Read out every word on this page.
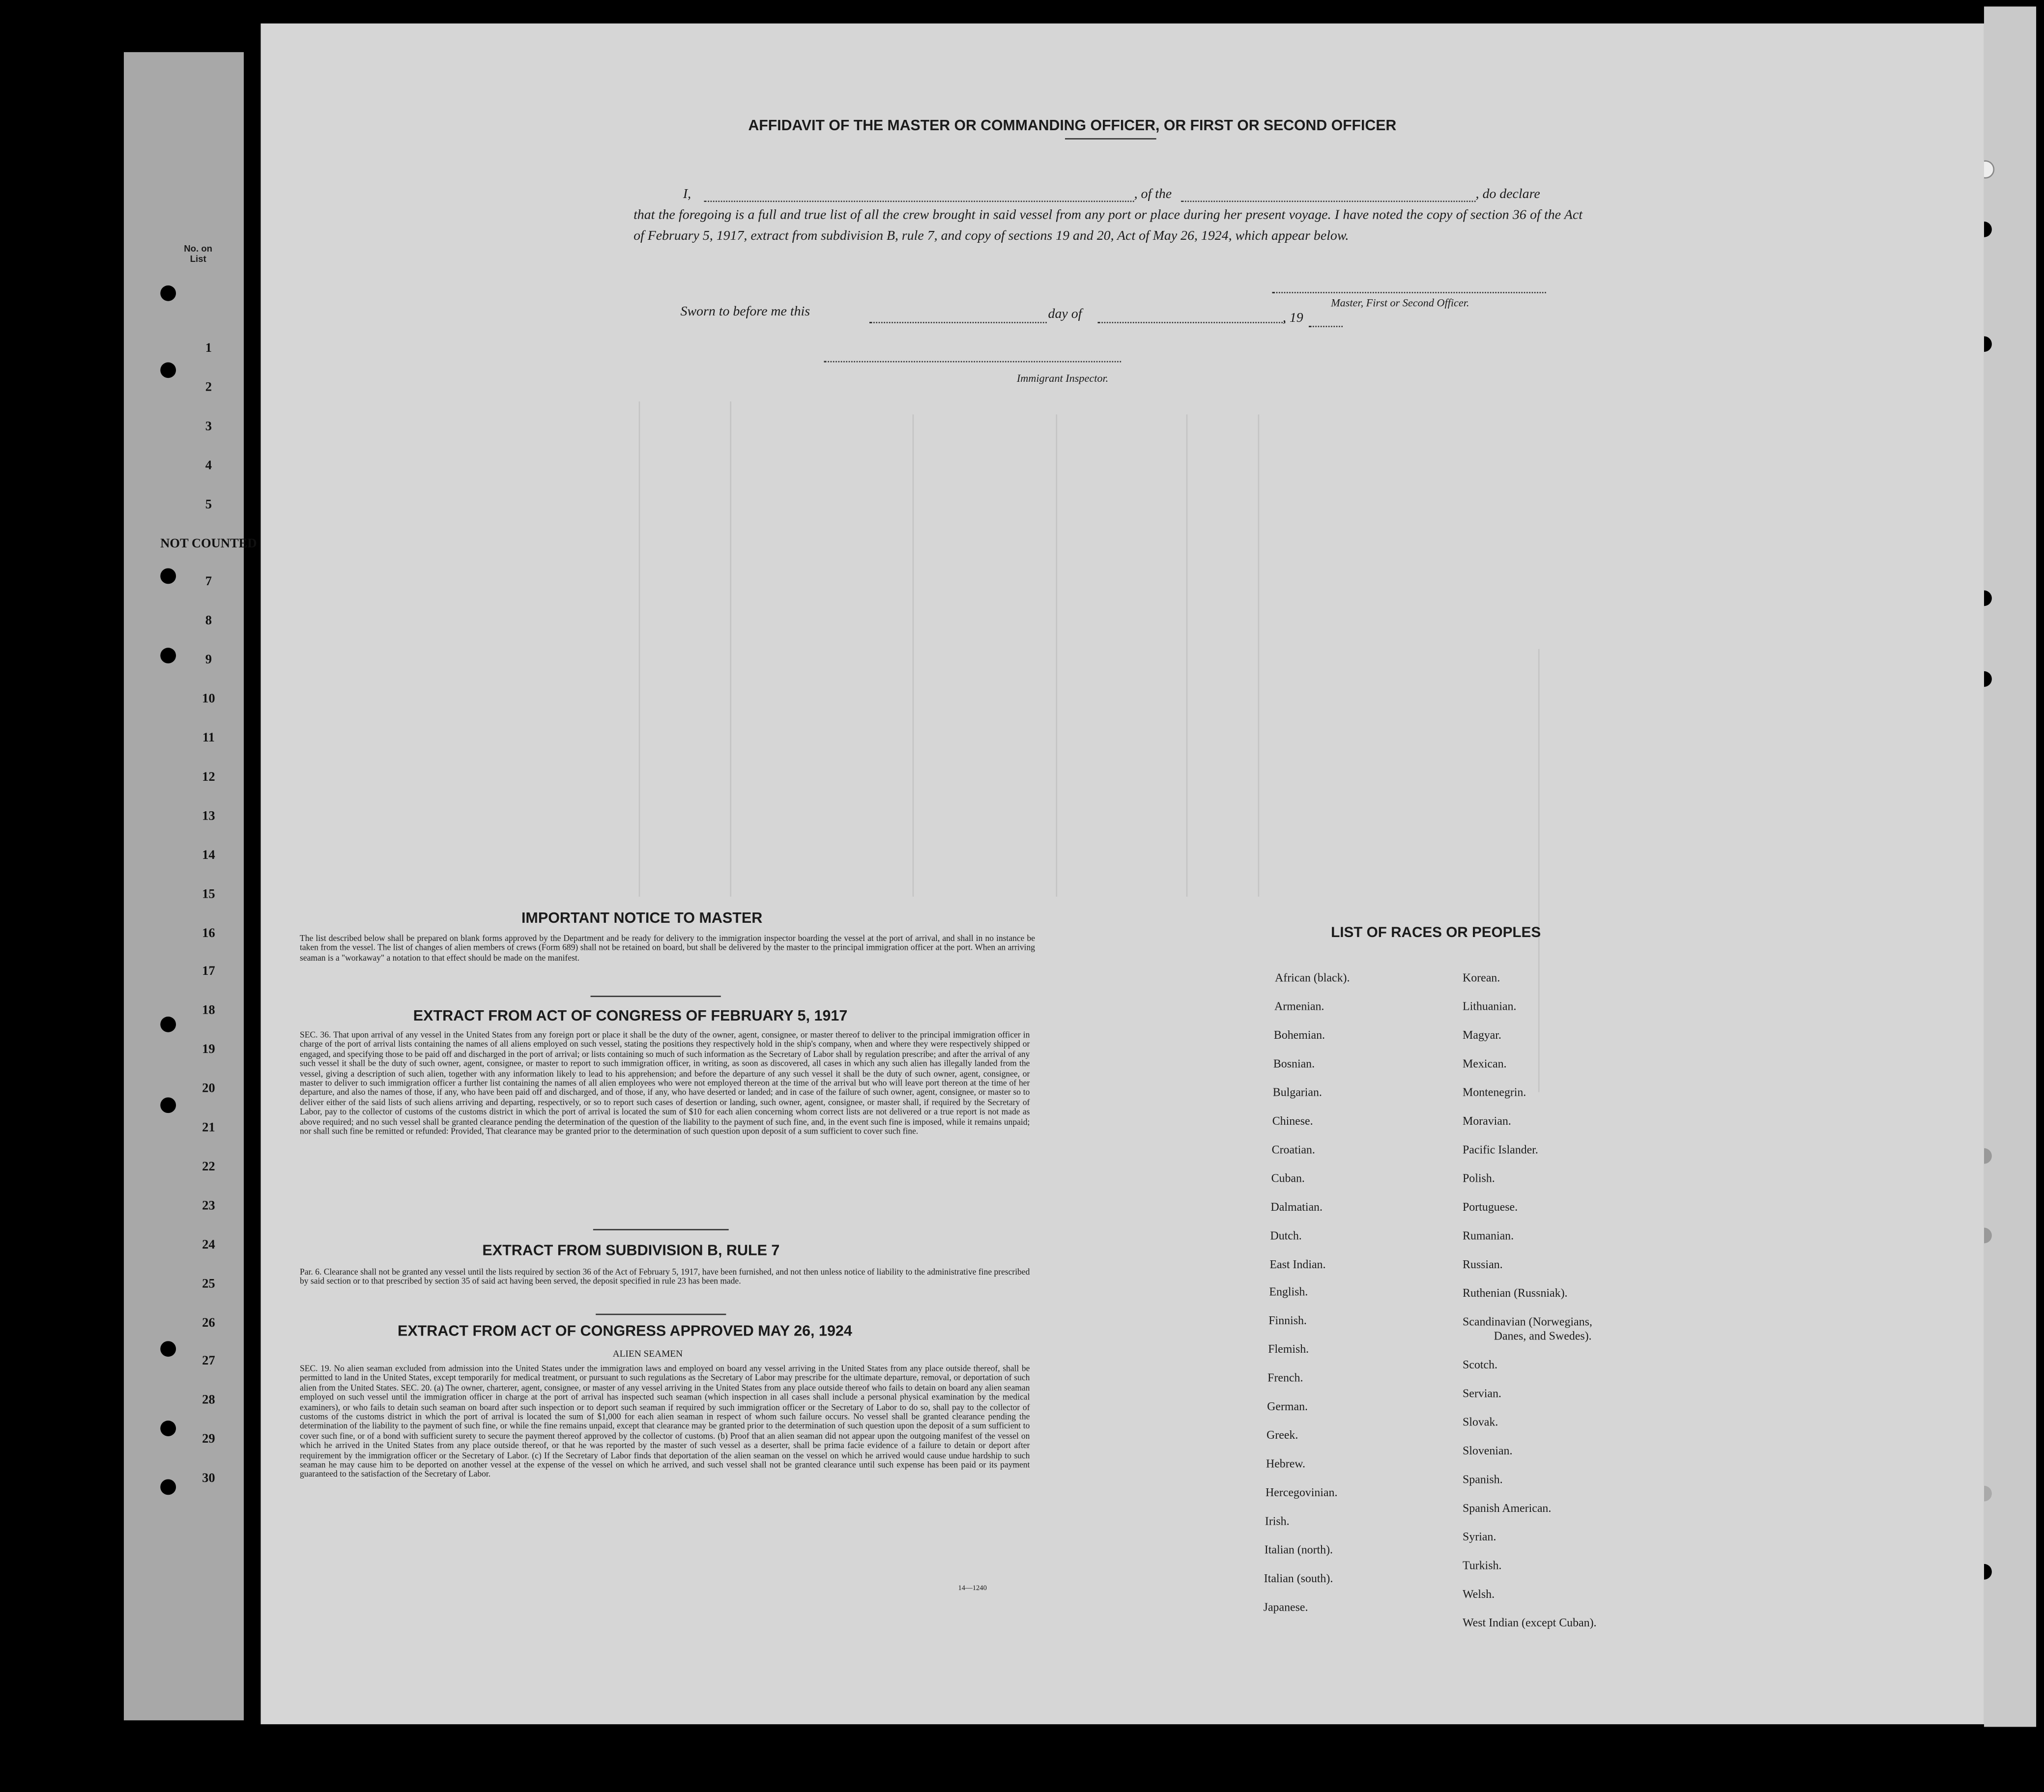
No. on List
1
2
3
4
5
NOT COUNTED
7
8
9
10
11
12
13
14
15
16
17
18
19
20
21
22
23
24
25
26
27
28
29
30
AFFIDAVIT OF THE MASTER OR COMMANDING OFFICER, OR FIRST OR SECOND OFFICER
I,	, of the	, do declare
that the foregoing is a full and true list of all the crew brought in said vessel from any port or place during her present voyage. I have noted the copy of section 36 of the Act of February 5, 1917, extract from subdivision B, rule 7, and copy of sections 19 and 20, Act of May 26, 1924, which appear below.
Master, First or Second Officer.
Sworn to before me this	day of	, 19
Immigrant Inspector.
IMPORTANT NOTICE TO MASTER
The list described below shall be prepared on blank forms approved by the Department and be ready for delivery to the immigration inspector boarding the vessel at the port of arrival, and shall in no instance be taken from the vessel. The list of changes of alien members of crews (Form 689) shall not be retained on board, but shall be delivered by the master to the principal immigration officer at the port. When an arriving seaman is a "workaway" a notation to that effect should be made on the manifest.
EXTRACT FROM ACT OF CONGRESS OF FEBRUARY 5, 1917
SEC. 36. That upon arrival of any vessel in the United States from any foreign port or place it shall be the duty of the owner, agent, consignee, or master thereof to deliver to the principal immigration officer in charge of the port of arrival lists containing the names of all aliens employed on such vessel, stating the positions they respectively hold in the ship's company, when and where they were respectively shipped or engaged, and specifying those to be paid off and discharged in the port of arrival; or lists containing so much of such information as the Secretary of Labor shall by regulation prescribe; and after the arrival of any such vessel it shall be the duty of such owner, agent, consignee, or master to report to such immigration officer, in writing, as soon as discovered, all cases in which any such alien has illegally landed from the vessel, giving a description of such alien, together with any information likely to lead to his apprehension; and before the departure of any such vessel it shall be the duty of such owner, agent, consignee, or master to deliver to such immigration officer a further list containing the names of all alien employees who were not employed thereon at the time of the arrival but who will leave port thereon at the time of her departure, and also the names of those, if any, who have been paid off and discharged, and of those, if any, who have deserted or landed; and in case of the failure of such owner, agent, consignee, or master so to deliver either of the said lists of such aliens arriving and departing, respectively, or so to report such cases of desertion or landing, such owner, agent, consignee, or master shall, if required by the Secretary of Labor, pay to the collector of customs of the customs district in which the port of arrival is located the sum of $10 for each alien concerning whom correct lists are not delivered or a true report is not made as above required; and no such vessel shall be granted clearance pending the determination of the question of the liability to the payment of such fine, and, in the event such fine is imposed, while it remains unpaid; nor shall such fine be remitted or refunded: Provided, That clearance may be granted prior to the determination of such question upon deposit of a sum sufficient to cover such fine.
EXTRACT FROM SUBDIVISION B, RULE 7
Par. 6. Clearance shall not be granted any vessel until the lists required by section 36 of the Act of February 5, 1917, have been furnished, and not then unless notice of liability to the administrative fine prescribed by said section or to that prescribed by section 35 of said act having been served, the deposit specified in rule 23 has been made.
EXTRACT FROM ACT OF CONGRESS APPROVED MAY 26, 1924
ALIEN SEAMEN
SEC. 19. No alien seaman excluded from admission into the United States under the immigration laws and employed on board any vessel arriving in the United States from any place outside thereof, shall be permitted to land in the United States, except temporarily for medical treatment, or pursuant to such regulations as the Secretary of Labor may prescribe for the ultimate departure, removal, or deportation of such alien from the United States. SEC. 20. (a) The owner, charterer, agent, consignee, or master of any vessel arriving in the United States from any place outside thereof who fails to detain on board any alien seaman employed on such vessel until the immigration officer in charge at the port of arrival has inspected such seaman (which inspection in all cases shall include a personal physical examination by the medical examiners), or who fails to detain such seaman on board after such inspection or to deport such seaman if required by such immigration officer or the Secretary of Labor to do so, shall pay to the collector of customs of the customs district in which the port of arrival is located the sum of $1,000 for each alien seaman in respect of whom such failure occurs. No vessel shall be granted clearance pending the determination of the liability to the payment of such fine, or while the fine remains unpaid, except that clearance may be granted prior to the determination of such question upon the deposit of a sum sufficient to cover such fine, or of a bond with sufficient surety to secure the payment thereof approved by the collector of customs. (b) Proof that an alien seaman did not appear upon the outgoing manifest of the vessel on which he arrived in the United States from any place outside thereof, or that he was reported by the master of such vessel as a deserter, shall be prima facie evidence of a failure to detain or deport after requirement by the immigration officer or the Secretary of Labor. (c) If the Secretary of Labor finds that deportation of the alien seaman on the vessel on which he arrived would cause undue hardship to such seaman he may cause him to be deported on another vessel at the expense of the vessel on which he arrived, and such vessel shall not be granted clearance until such expense has been paid or its payment guaranteed to the satisfaction of the Secretary of Labor.
14—1240
LIST OF RACES OR PEOPLES
African (black).
Armenian.
Bohemian.
Bosnian.
Bulgarian.
Chinese.
Croatian.
Cuban.
Dalmatian.
Dutch.
East Indian.
English.
Finnish.
Flemish.
French.
German.
Greek.
Hebrew.
Hercegovinian.
Irish.
Italian (north).
Italian (south).
Japanese.
Korean.
Lithuanian.
Magyar.
Mexican.
Montenegrin.
Moravian.
Pacific Islander.
Polish.
Portuguese.
Rumanian.
Russian.
Ruthenian (Russniak).
Scandinavian (Norwegians,
Danes, and Swedes).
Scotch.
Servian.
Slovak.
Slovenian.
Spanish.
Spanish American.
Syrian.
Turkish.
Welsh.
West Indian (except Cuban).
